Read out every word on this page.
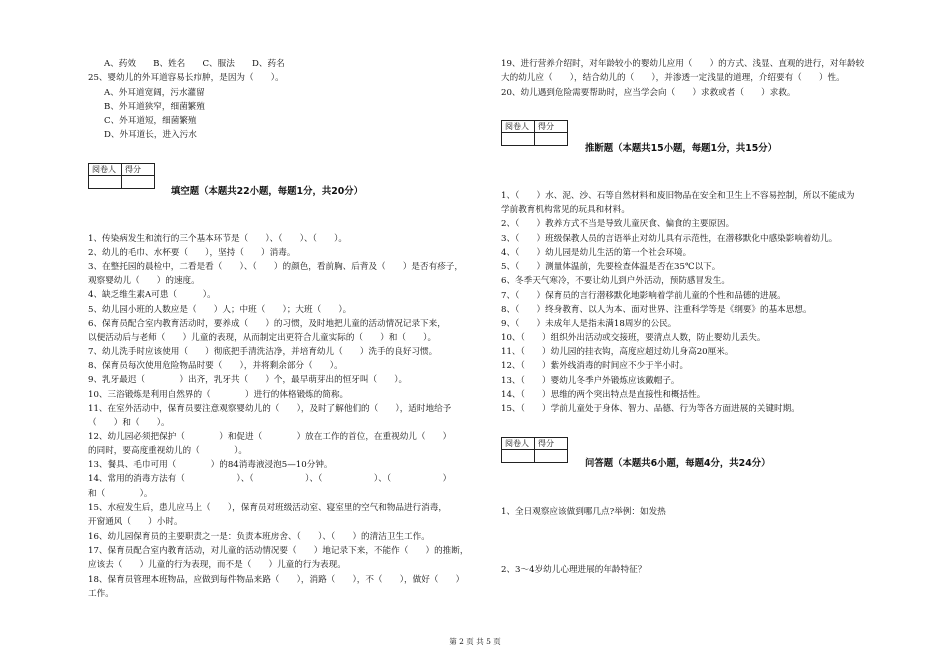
A、药效　　B、姓名　　C、服法　　D、药名
25、婴幼儿的外耳道容易长疖肿，是因为（　　）。
A、外耳道宽阔，污水灌留
B、外耳道狭窄，细菌繁殖
C、外耳道短，细菌繁殖
D、外耳道长，进入污水
阅卷人	得分

填空题（本题共22小题，每题1分，共20分）
1、传染病发生和流行的三个基本环节是（　　）、（　　）、（　　）。
2、幼儿的毛巾、水杯要（　　），坚持（　　）消毒。
3、在整托园的晨检中，二看是看（　　）、（　　）的颜色，看前胸、后背及（　　）是否有疹子，
观察婴幼儿（　　）的速度。
4、缺乏维生素A可患（　　　）。
5、幼儿园小班的人数应是（　　）人；中班（　　）；大班（　　）。
6、保育员配合室内教育活动时，要养成（　　）的习惯，及时地把儿童的活动情况记录下来，
以便活动后与老师（　　）儿童的表现，从而制定出更符合儿童实际的（　　）和（　　）。
7、幼儿洗手时应该使用（　　）彻底把手清洗洁净，并培育幼儿（　　）洗手的良好习惯。
8、保育员每次使用危险物品时要（　　），并将剩余部分（　　）。
9、乳牙最迟（　　　　）出齐，乳牙共（　　）个，最早萌芽出的恒牙叫（　　）。
10、三浴锻炼是利用自然界的（　　　　）进行的体格锻炼的简称。
11、在室外活动中，保育员要注意观察婴幼儿的（　　），及时了解他们的（　　），适时地给予
（　　）和（　　）。
12、幼儿园必须把保护（　　　　）和促进（　　　　）放在工作的首位，在重视幼儿（　　）
的同时，要高度重视幼儿的（　　　　）。
13、餐具、毛巾可用（　　　　）的84消毒液浸泡5—10分钟。
14、常用的消毒方法有（　　　　　　）、（　　　　　　）、（　　　　　　）、（　　　　　　）
和（　　　　）。
15、水痘发生后，患儿应马上（　　），保育员对班级活动室、寝室里的空气和物品进行消毒，
开窗通风（　　）小时。
16、幼儿园保育员的主要职责之一是：负责本班房舍、（　　）、（　　）的清洁卫生工作。
17、保育员配合室内教育活动，对儿童的活动情况要（　　）地记录下来，不能作（　　）的推断，
应该去（　　）儿童的行为表现，而不是（　　）儿童的行为表现。
18、保育员管理本班物品，应做到每件物品来路（　　），消路（　　），不（　　），做好（　　）
工作。
19、进行营养介绍时，对年龄较小的婴幼儿应用（　　）的方式、浅显、直观的进行，对年龄较
大的幼儿应（　　），结合幼儿的（　　），并渗透一定浅显的道理，介绍要有（　　）性。
20、幼儿遇到危险需要帮助时，应当学会向（　　）求救或者（　　）求救。
阅卷人	得分

推断题（本题共15小题，每题1分，共15分）
1、（　　）水、泥、沙、石等自然材料和废旧物品在安全和卫生上不容易控制，所以不能成为
学前教育机构常见的玩具和材料。
2、（　　）教养方式不当是导致儿童厌食、偏食的主要原因。
3、（　　）班级保教人员的言语举止对幼儿具有示范性，在潜移默化中感染影响着幼儿。
4、（　　）幼儿园是幼儿生活的第一个社会环境。
5、（　　）测量体温前，先要检查体温是否在35℃以下。
6、冬季天气寒冷，不要让幼儿到户外活动，预防感冒发生。
7、（　　）保育员的言行潜移默化地影响着学前儿童的个性和品德的进展。
8、（　　）终身教育、以人为本、面对世界、注重科学等是《纲要》的基本思想。
9、（　　）未成年人是指未满18周岁的公民。
10、（　　）组织外出活动或交接班，要清点人数，防止婴幼儿丢失。
11、（　　）幼儿园的挂衣钩，高度应超过幼儿身高20厘米。
12、（　　）紫外线消毒的时间应不少于半小时。
13、（　　）婴幼儿冬季户外锻炼应该戴帽子。
14、（　　）思维的两个突出特点是直接性和概括性。
15、（　　）学前儿童处于身体、智力、品德、行为等各方面进展的关键时期。
阅卷人	得分

问答题（本题共6小题，每题4分，共24分）
1、全日观察应该做到哪几点?举例：如发热
2、3～4岁幼儿心理进展的年龄特征？
第 2 页 共 5 页
